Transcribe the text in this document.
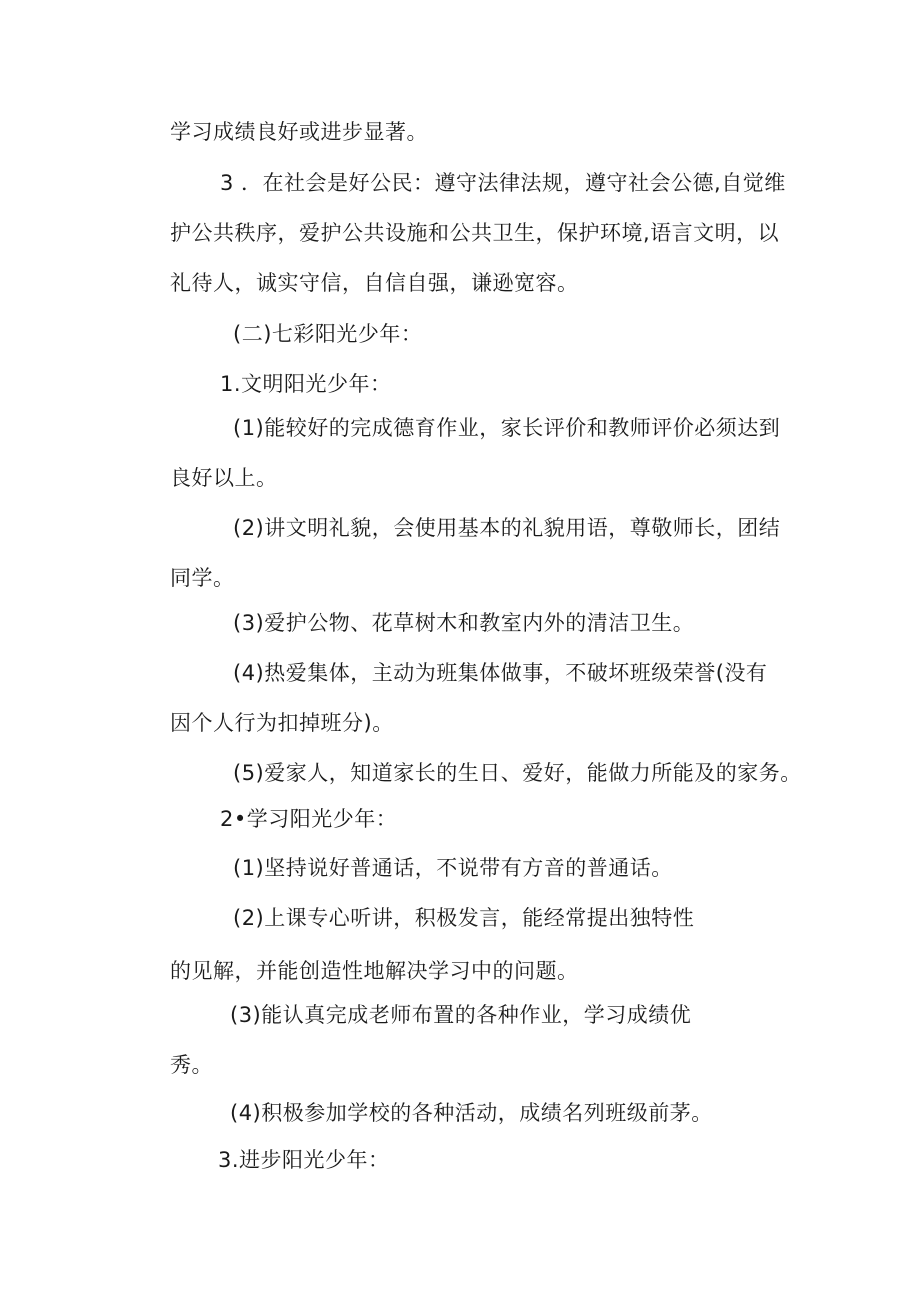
学习成绩良好或进步显著。

3 ．在社会是好公民：遵守法律法规，遵守社会公德,自觉维

护公共秩序，爱护公共设施和公共卫生，保护环境,语言文明，以

礼待人，诚实守信，自信自强，谦逊宽容。

(二)七彩阳光少年：

1.文明阳光少年：

(1)能较好的完成德育作业，家长评价和教师评价必须达到

良好以上。

(2)讲文明礼貌，会使用基本的礼貌用语，尊敬师长，团结

同学。

(3)爱护公物、花草树木和教室内外的清洁卫生。

(4)热爱集体，主动为班集体做事，不破坏班级荣誉(没有

因个人行为扣掉班分)。

(5)爱家人，知道家长的生日、爱好，能做力所能及的家务。

2•学习阳光少年：

(1)坚持说好普通话，不说带有方音的普通话。

(2)上课专心听讲，积极发言，能经常提出独特性

的见解，并能创造性地解决学习中的问题。

(3)能认真完成老师布置的各种作业，学习成绩优

秀。

(4)积极参加学校的各种活动，成绩名列班级前茅。

3.进步阳光少年：
